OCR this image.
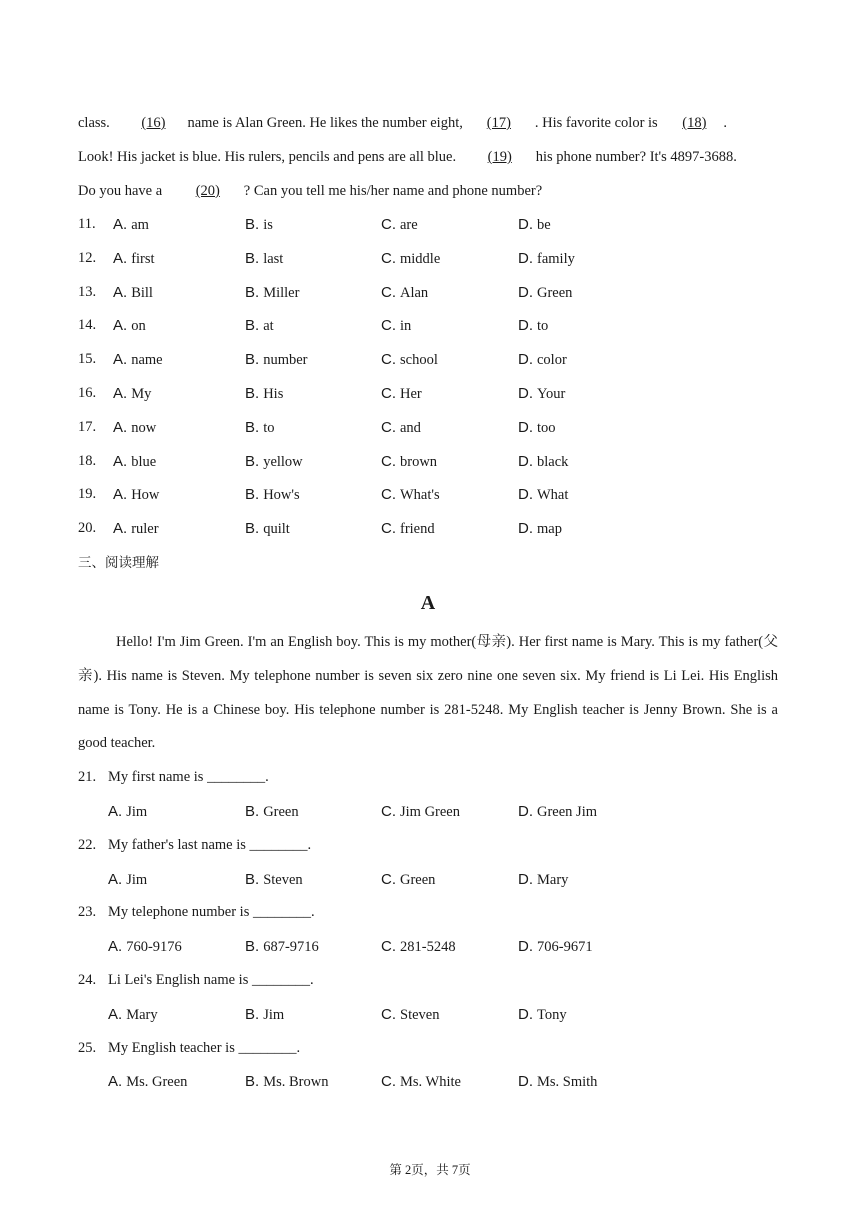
class. (16) name is Alan Green. He likes the number eight, (17) . His favorite color is (18) .
Look! His jacket is blue. His rulers, pencils and pens are all blue. (19) his phone number? It's 4897-3688.
Do you have a (20) ? Can you tell me his/her name and phone number?
11. A. am	B. is	C. are	D. be
12. A. first	B. last	C. middle	D. family
13. A. Bill	B. Miller	C. Alan	D. Green
14. A. on	B. at	C. in	D. to
15. A. name	B. number	C. school	D. color
16. A. My	B. His	C. Her	D. Your
17. A. now	B. to	C. and	D. too
18. A. blue	B. yellow	C. brown	D. black
19. A. How	B. How's	C. What's	D. What
20. A. ruler	B. quilt	C. friend	D. map
三、阅读理解
A
Hello! I'm Jim Green. I'm an English boy. This is my mother(母亲). Her first name is Mary. This is my father(父亲). His name is Steven. My telephone number is seven six zero nine one seven six. My friend is Li Lei. His English name is Tony. He is a Chinese boy. His telephone number is 281-5248. My English teacher is Jenny Brown. She is a good teacher.
21. My first name is ________.
A. Jim	B. Green	C. Jim Green	D. Green Jim
22. My father's last name is ________.
A. Jim	B. Steven	C. Green	D. Mary
23. My telephone number is ________.
A. 760-9176	B. 687-9716	C. 281-5248	D. 706-9671
24. Li Lei's English name is ________.
A. Mary	B. Jim	C. Steven	D. Tony
25. My English teacher is ________.
A. Ms. Green	B. Ms. Brown	C. Ms. White	D. Ms. Smith
第 2页，共 7页
